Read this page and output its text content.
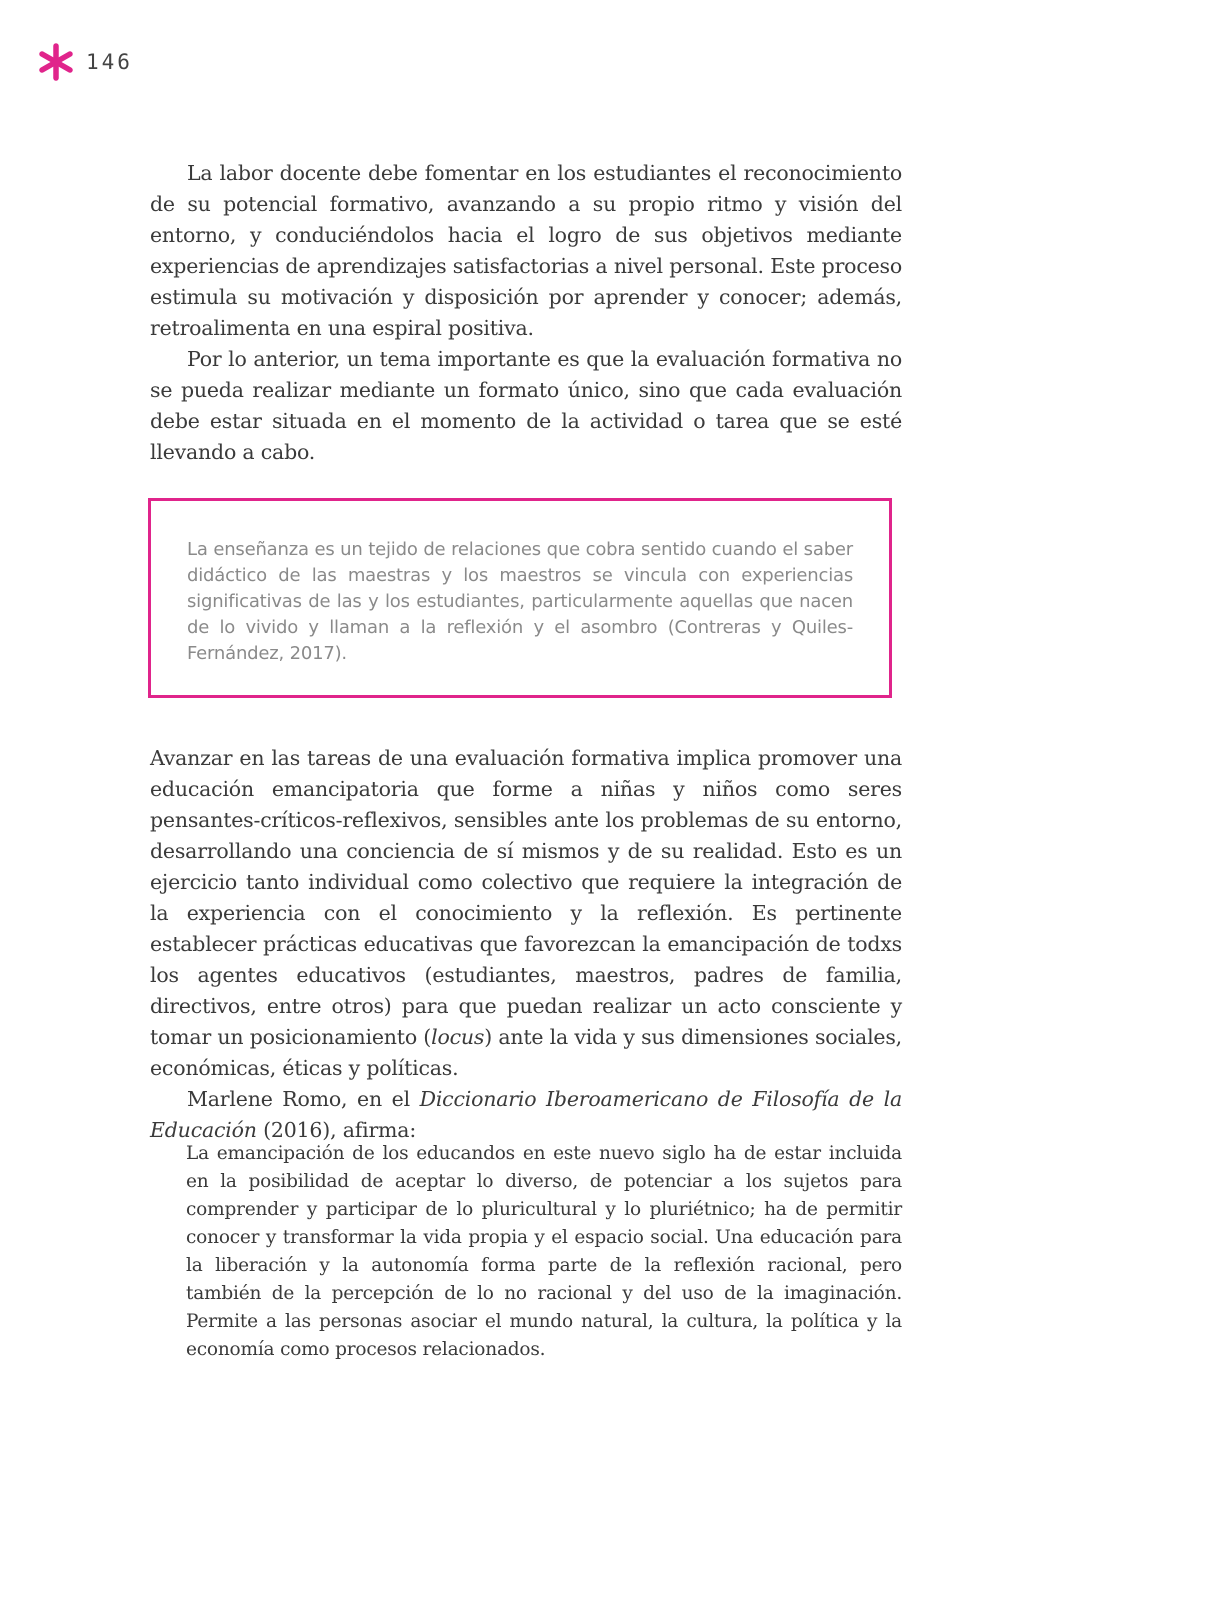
146

La labor docente debe fomentar en los estudiantes el reconocimiento de su potencial formativo, avanzando a su propio ritmo y visión del entorno, y conduciéndolos hacia el logro de sus objetivos mediante experiencias de aprendizajes satisfactorias a nivel personal. Este proceso estimula su motivación y disposición por aprender y conocer; además, retroalimenta en una espiral positiva.

Por lo anterior, un tema importante es que la evaluación formativa no se pueda realizar mediante un formato único, sino que cada evaluación debe estar situada en el momento de la actividad o tarea que se esté llevando a cabo.

La enseñanza es un tejido de relaciones que cobra sentido cuando el saber didáctico de las maestras y los maestros se vincula con experiencias significativas de las y los estudiantes, particularmente aquellas que nacen de lo vivido y llaman a la reflexión y el asombro (Contreras y Quiles-Fernández, 2017).

Avanzar en las tareas de una evaluación formativa implica promover una educación emancipatoria que forme a niñas y niños como seres pensantes-críticos-reflexivos, sensibles ante los problemas de su entorno, desarrollando una conciencia de sí mismos y de su realidad. Esto es un ejercicio tanto individual como colectivo que requiere la integración de la experiencia con el conocimiento y la reflexión. Es pertinente establecer prácticas educativas que favorezcan la emancipación de todxs los agentes educativos (estudiantes, maestros, padres de familia, directivos, entre otros) para que puedan realizar un acto consciente y tomar un posicionamiento (locus) ante la vida y sus dimensiones sociales, económicas, éticas y políticas.

Marlene Romo, en el Diccionario Iberoamericano de Filosofía de la Educación (2016), afirma:

La emancipación de los educandos en este nuevo siglo ha de estar incluida en la posibilidad de aceptar lo diverso, de potenciar a los sujetos para comprender y participar de lo pluricultural y lo pluriétnico; ha de permitir conocer y transformar la vida propia y el espacio social. Una educación para la liberación y la autonomía forma parte de la reflexión racional, pero también de la percepción de lo no racional y del uso de la imaginación. Permite a las personas asociar el mundo natural, la cultura, la política y la economía como procesos relacionados.
